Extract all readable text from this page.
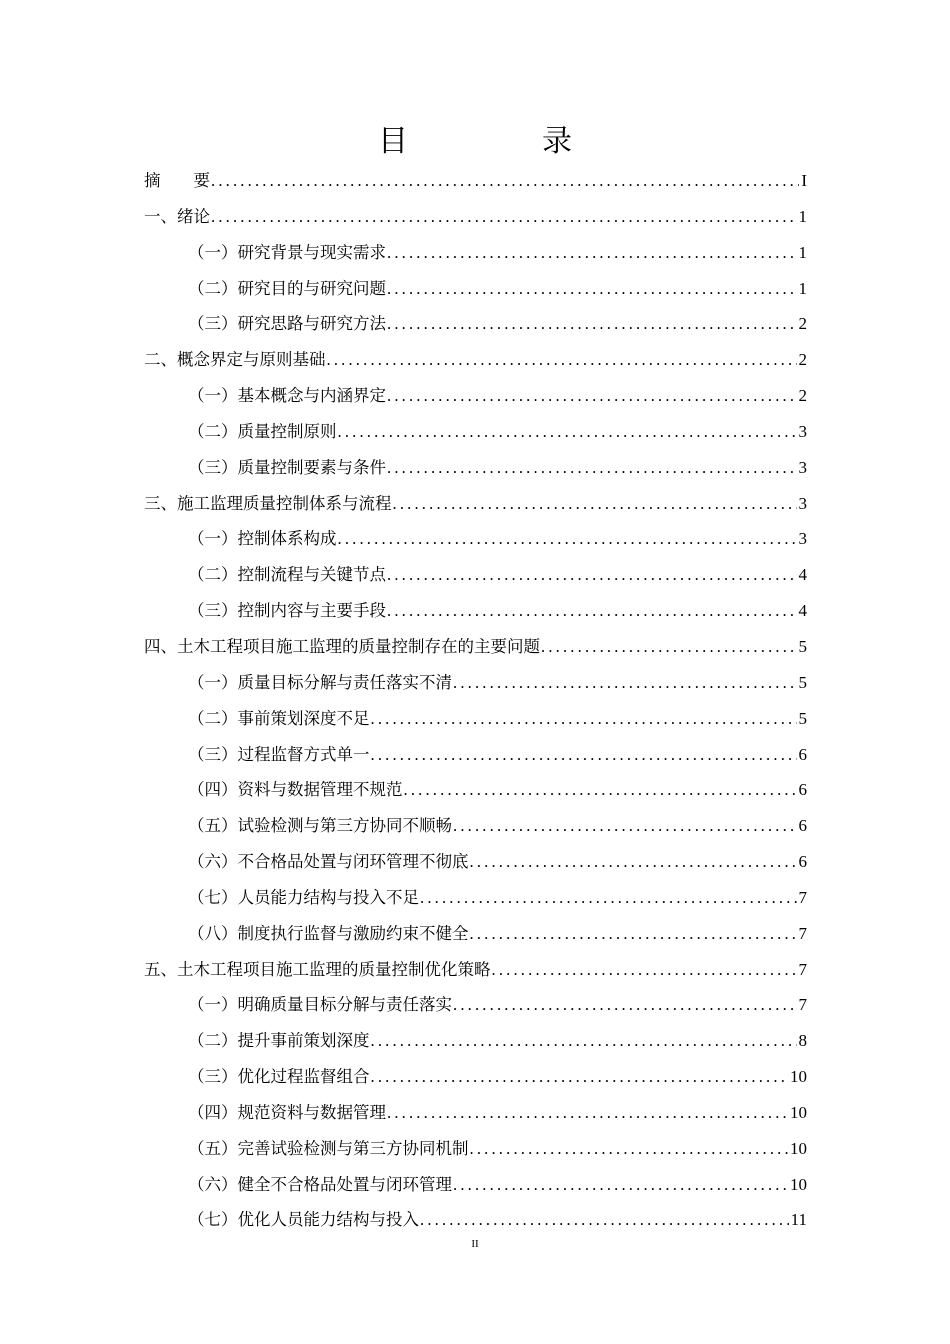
目　录
摘　　要 .....	I
一、绪论 .....	1
（一）研究背景与现实需求 .....	1
（二）研究目的与研究问题 .....	1
（三）研究思路与研究方法 .....	2
二、概念界定与原则基础 .....	2
（一）基本概念与内涵界定 .....	2
（二）质量控制原则 .....	3
（三）质量控制要素与条件 .....	3
三、施工监理质量控制体系与流程 .....	3
（一）控制体系构成 .....	3
（二）控制流程与关键节点 .....	4
（三）控制内容与主要手段 .....	4
四、土木工程项目施工监理的质量控制存在的主要问题 .....	5
（一）质量目标分解与责任落实不清 .....	5
（二）事前策划深度不足 .....	5
（三）过程监督方式单一 .....	6
（四）资料与数据管理不规范 .....	6
（五）试验检测与第三方协同不顺畅 .....	6
（六）不合格品处置与闭环管理不彻底 .....	6
（七）人员能力结构与投入不足 .....	7
（八）制度执行监督与激励约束不健全 .....	7
五、土木工程项目施工监理的质量控制优化策略 .....	7
（一）明确质量目标分解与责任落实 .....	7
（二）提升事前策划深度 .....	8
（三）优化过程监督组合 .....	10
（四）规范资料与数据管理 .....	10
（五）完善试验检测与第三方协同机制 .....	10
（六）健全不合格品处置与闭环管理 .....	10
（七）优化人员能力结构与投入 .....	11
II
